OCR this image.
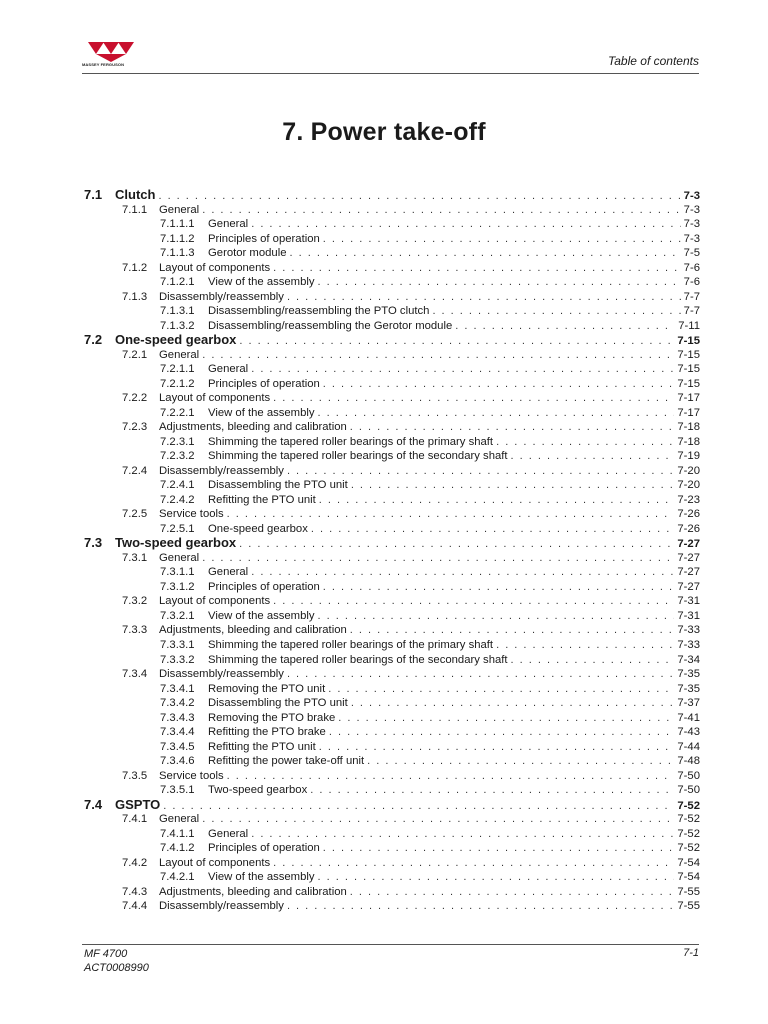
MASSEY FERGUSON	Table of contents
7. Power take-off
7.1 Clutch . . .	7-3
7.1.1	General . . .	7-3
7.1.1.1	General . . .	7-3
7.1.1.2	Principles of operation . . .	7-3
7.1.1.3	Gerotor module . . .	7-5
7.1.2	Layout of components . . .	7-6
7.1.2.1	View of the assembly . . .	7-6
7.1.3	Disassembly/reassembly . . .	7-7
7.1.3.1	Disassembling/reassembling the PTO clutch . . .	7-7
7.1.3.2	Disassembling/reassembling the Gerotor module . . .	7-11
7.2 One-speed gearbox . . .	7-15
7.2.1	General . . .	7-15
7.2.1.1	General . . .	7-15
7.2.1.2	Principles of operation . . .	7-15
7.2.2	Layout of components . . .	7-17
7.2.2.1	View of the assembly . . .	7-17
7.2.3	Adjustments, bleeding and calibration . . .	7-18
7.2.3.1	Shimming the tapered roller bearings of the primary shaft . . .	7-18
7.2.3.2	Shimming the tapered roller bearings of the secondary shaft . . .	7-19
7.2.4	Disassembly/reassembly . . .	7-20
7.2.4.1	Disassembling the PTO unit . . .	7-20
7.2.4.2	Refitting the PTO unit . . .	7-23
7.2.5	Service tools . . .	7-26
7.2.5.1	One-speed gearbox . . .	7-26
7.3 Two-speed gearbox . . .	7-27
7.3.1	General . . .	7-27
7.3.1.1	General . . .	7-27
7.3.1.2	Principles of operation . . .	7-27
7.3.2	Layout of components . . .	7-31
7.3.2.1	View of the assembly . . .	7-31
7.3.3	Adjustments, bleeding and calibration . . .	7-33
7.3.3.1	Shimming the tapered roller bearings of the primary shaft . . .	7-33
7.3.3.2	Shimming the tapered roller bearings of the secondary shaft . . .	7-34
7.3.4	Disassembly/reassembly . . .	7-35
7.3.4.1	Removing the PTO unit . . .	7-35
7.3.4.2	Disassembling the PTO unit . . .	7-37
7.3.4.3	Removing the PTO brake . . .	7-41
7.3.4.4	Refitting the PTO brake . . .	7-43
7.3.4.5	Refitting the PTO unit . . .	7-44
7.3.4.6	Refitting the power take-off unit . . .	7-48
7.3.5	Service tools . . .	7-50
7.3.5.1	Two-speed gearbox . . .	7-50
7.4 GSPTO . . .	7-52
7.4.1	General . . .	7-52
7.4.1.1	General . . .	7-52
7.4.1.2	Principles of operation . . .	7-52
7.4.2	Layout of components . . .	7-54
7.4.2.1	View of the assembly . . .	7-54
7.4.3	Adjustments, bleeding and calibration . . .	7-55
7.4.4	Disassembly/reassembly . . .	7-55
MF 4700
ACT0008990
7-1
